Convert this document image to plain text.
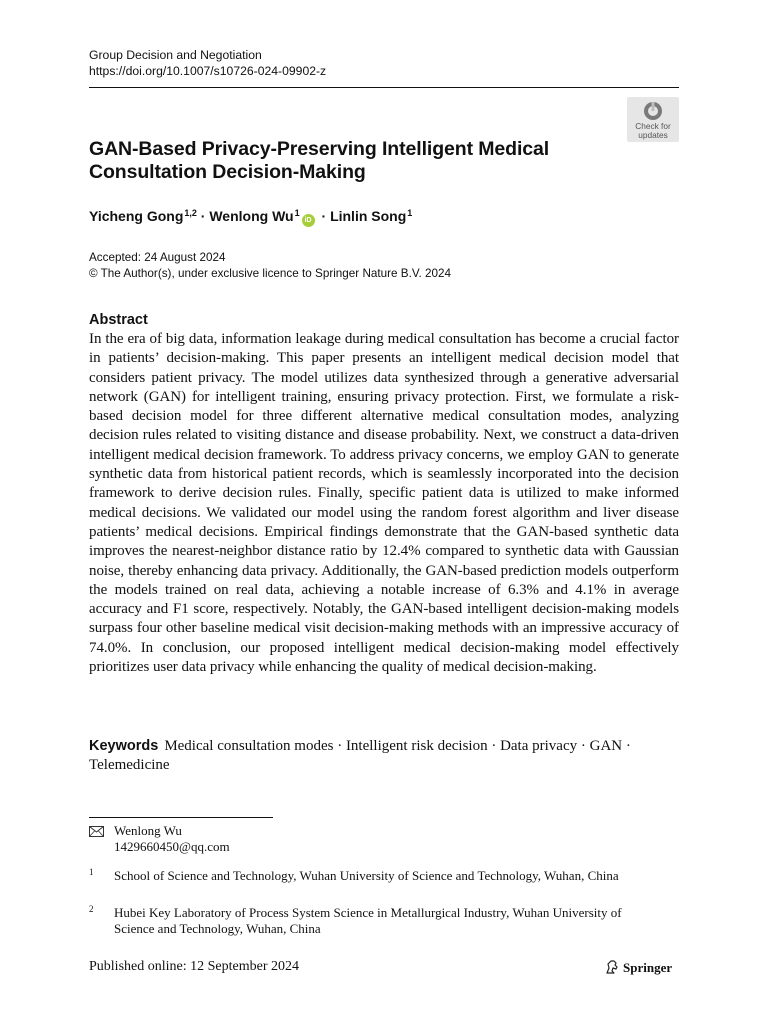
Group Decision and Negotiation
https://doi.org/10.1007/s10726-024-09902-z
Check for
updates
GAN-Based Privacy-Preserving Intelligent Medical Consultation Decision-Making
Yicheng Gong$^{1,2}$ · Wenlong $Wu^1iD$ · Linlin Song$^1$
Accepted: 24 August 2024
© The Author(s), under exclusive licence to Springer Nature B.V. 2024
Abstract

In the era of big data, information leakage during medical consultation has become a crucial factor in patients’ decision-making. This paper presents an intelligent medical decision model that considers patient privacy. The model utilizes data synthesized through a generative adversarial network (GAN) for intelligent training, ensuring privacy protection. First, we formulate a risk-based decision model for three different alternative medical consultation modes, analyzing decision rules related to visiting distance and disease probability. Next, we construct a data-driven intelligent medical decision framework. To address privacy concerns, we employ GAN to generate synthetic data from historical patient records, which is seamlessly incorporated into the decision framework to derive decision rules. Finally, specific patient data is utilized to make informed medical decisions. We validated our model using the random forest algorithm and liver disease patients’ medical decisions. Empirical findings demonstrate that the GAN-based synthetic data improves the nearest-neighbor distance ratio by 12.4% compared to synthetic data with Gaussian noise, thereby enhancing data privacy. Additionally, the GAN-based prediction models outperform the models trained on real data, achieving a notable increase of 6.3% and 4.1% in average accuracy and F1 score, respectively. Notably, the GAN-based intelligent decision-making models surpass four other baseline medical visit decision-making methods with an impressive accuracy of 74.0%. In conclusion, our proposed intelligent medical decision-making model effectively prioritizes user data privacy while enhancing the quality of medical decision-making.

Keywords Medical consultation modes · Intelligent risk decision · Data privacy · GAN · Telemedicine
Wenlong Wu
1429660450@qq.com
1 School of Science and Technology, Wuhan University of Science and Technology, Wuhan, China
2 Hubei Key Laboratory of Process System Science in Metallurgical Industry, Wuhan University of Science and Technology, Wuhan, China
Published online: 12 September 2024	Springer
